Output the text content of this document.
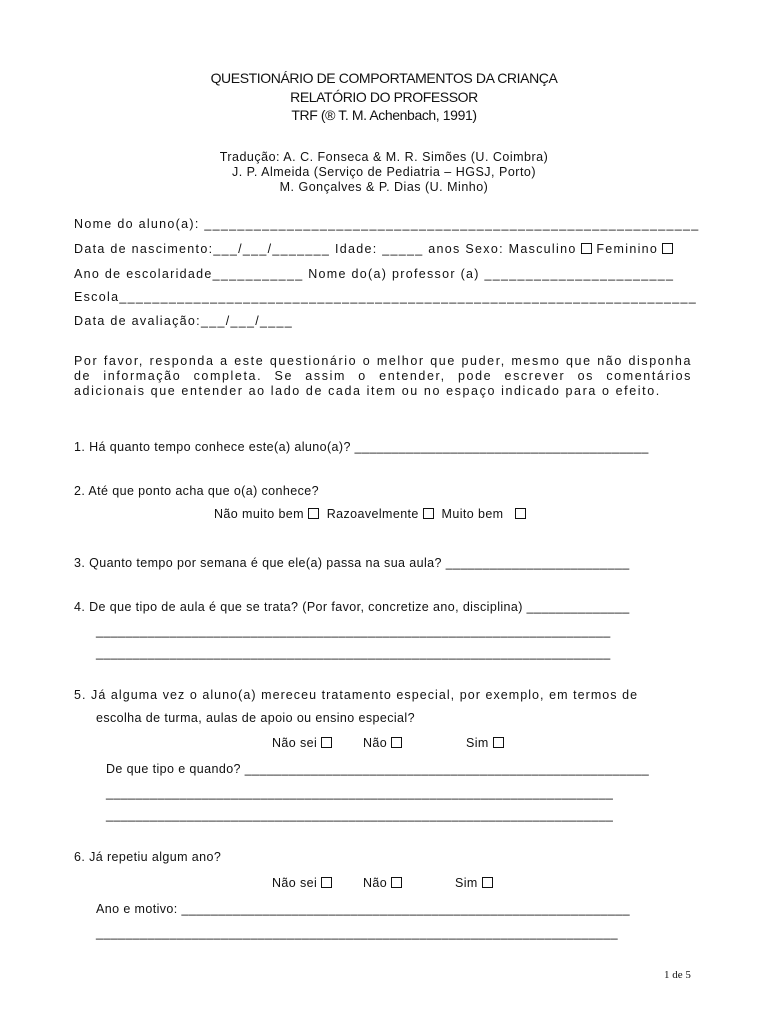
QUESTIONÁRIO DE COMPORTAMENTOS DA CRIANÇA
RELATÓRIO DO PROFESSOR
TRF (® T. M. Achenbach, 1991)
Tradução: A. C. Fonseca & M. R. Simões (U. Coimbra)
J. P. Almeida (Serviço de Pediatria – HGSJ, Porto)
M. Gonçalves & P. Dias (U. Minho)
Nome do aluno(a): ____________________________________________________________
Data de nascimento:___/___/_______ Idade: _____ anos Sexo: Masculino Feminino
Ano de escolaridade___________ Nome do(a) professor (a) _______________________
Escola______________________________________________________________________
Data de avaliação:___/___/____
Por favor, responda a este questionário o melhor que puder, mesmo que não disponha de informação completa. Se assim o entender, pode escrever os comentários adicionais que entender ao lado de cada item ou no espaço indicado para o efeito.
1. Há quanto tempo conhece este(a) aluno(a)? ________________________________________
2. Até que ponto acha que o(a) conhece?
Não muito bem Razoavelmente Muito bem
3. Quanto tempo por semana é que ele(a) passa na sua aula? _________________________
4. De que tipo de aula é que se trata? (Por favor, concretize ano, disciplina) ______________
______________________________________________________________________
______________________________________________________________________
5. Já alguma vez o aluno(a) mereceu tratamento especial, por exemplo, em termos de
escolha de turma, aulas de apoio ou ensino especial?
Não sei	Não	Sim
De que tipo e quando? _______________________________________________________
_____________________________________________________________________
_____________________________________________________________________
6. Já repetiu algum ano?
Não sei	Não	Sim
Ano e motivo: _____________________________________________________________
_______________________________________________________________________
1 de 5
